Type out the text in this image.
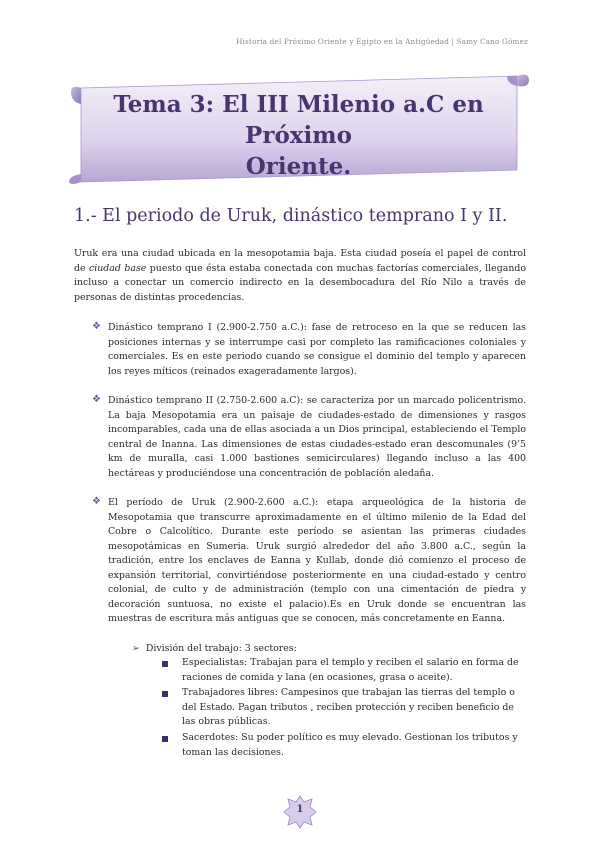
Historia del Próximo Oriente y Egipto en la Antigüedad | Samy Cano Gómez
Tema 3: El III Milenio a.C en Próximo
Oriente.
1.- El periodo de Uruk, dinástico temprano I y II.
Uruk era una ciudad ubicada en la mesopotamia baja. Esta ciudad poseía el papel de control de ciudad base puesto que ésta estaba conectada con muchas factorías comerciales, llegando incluso a conectar un comercio indirecto en la desembocadura del Río Nilo a través de personas de distintas procedencias.
❖ Dinástico temprano I (2.900-2.750 a.C.): fase de retroceso en la que se reducen las posiciones internas y se interrumpe casi por completo las ramificaciones coloniales y comerciales. Es en este periodo cuando se consigue el dominio del templo y aparecen los reyes míticos (reinados exageradamente largos).
❖ Dinástico temprano II (2.750-2.600 a.C): se caracteriza por un marcado policentrismo. La baja Mesopotamia era un paisaje de ciudades-estado de dimensiones y rasgos incomparables, cada una de ellas asociada a un Dios principal, estableciendo el Templo central de Inanna. Las dimensiones de estas ciudades-estado eran descomunales (9’5 km de muralla, casi 1.000 bastiones semicirculares) llegando incluso a las 400 hectáreas y produciéndose una concentración de población aledaña.
❖ El período de Uruk (2.900-2.600 a.C.): etapa arqueológica de la historia de Mesopotamia que transcurre aproximadamente en el último milenio de la Edad del Cobre o Calcolítico. Durante este período se asientan las primeras ciudades mesopotámicas en Sumeria. Uruk surgió alrededor del año 3.800 a.C., según la tradición, entre los enclaves de Eanna y Kullab, donde dió comienzo el proceso de expansión territorial, convirtiéndose posteriormente en una ciudad-estado y centro colonial, de culto y de administración (templo con una cimentación de piedra y decoración suntuosa, no existe el palacio).Es en Uruk donde se encuentran las muestras de escritura más antiguas que se conocen, más concretamente en Eanna.
➢ División del trabajo: 3 sectores:
Especialistas: Trabajan para el templo y reciben el salario en forma de raciones de comida y lana (en ocasiones, grasa o aceite).
Trabajadores libres: Campesinos que trabajan las tierras del templo o del Estado. Pagan tributos , reciben protección y reciben beneficio de las obras públicas.
Sacerdotes: Su poder político es muy elevado. Gestionan los tributos y toman las decisiones.
1
